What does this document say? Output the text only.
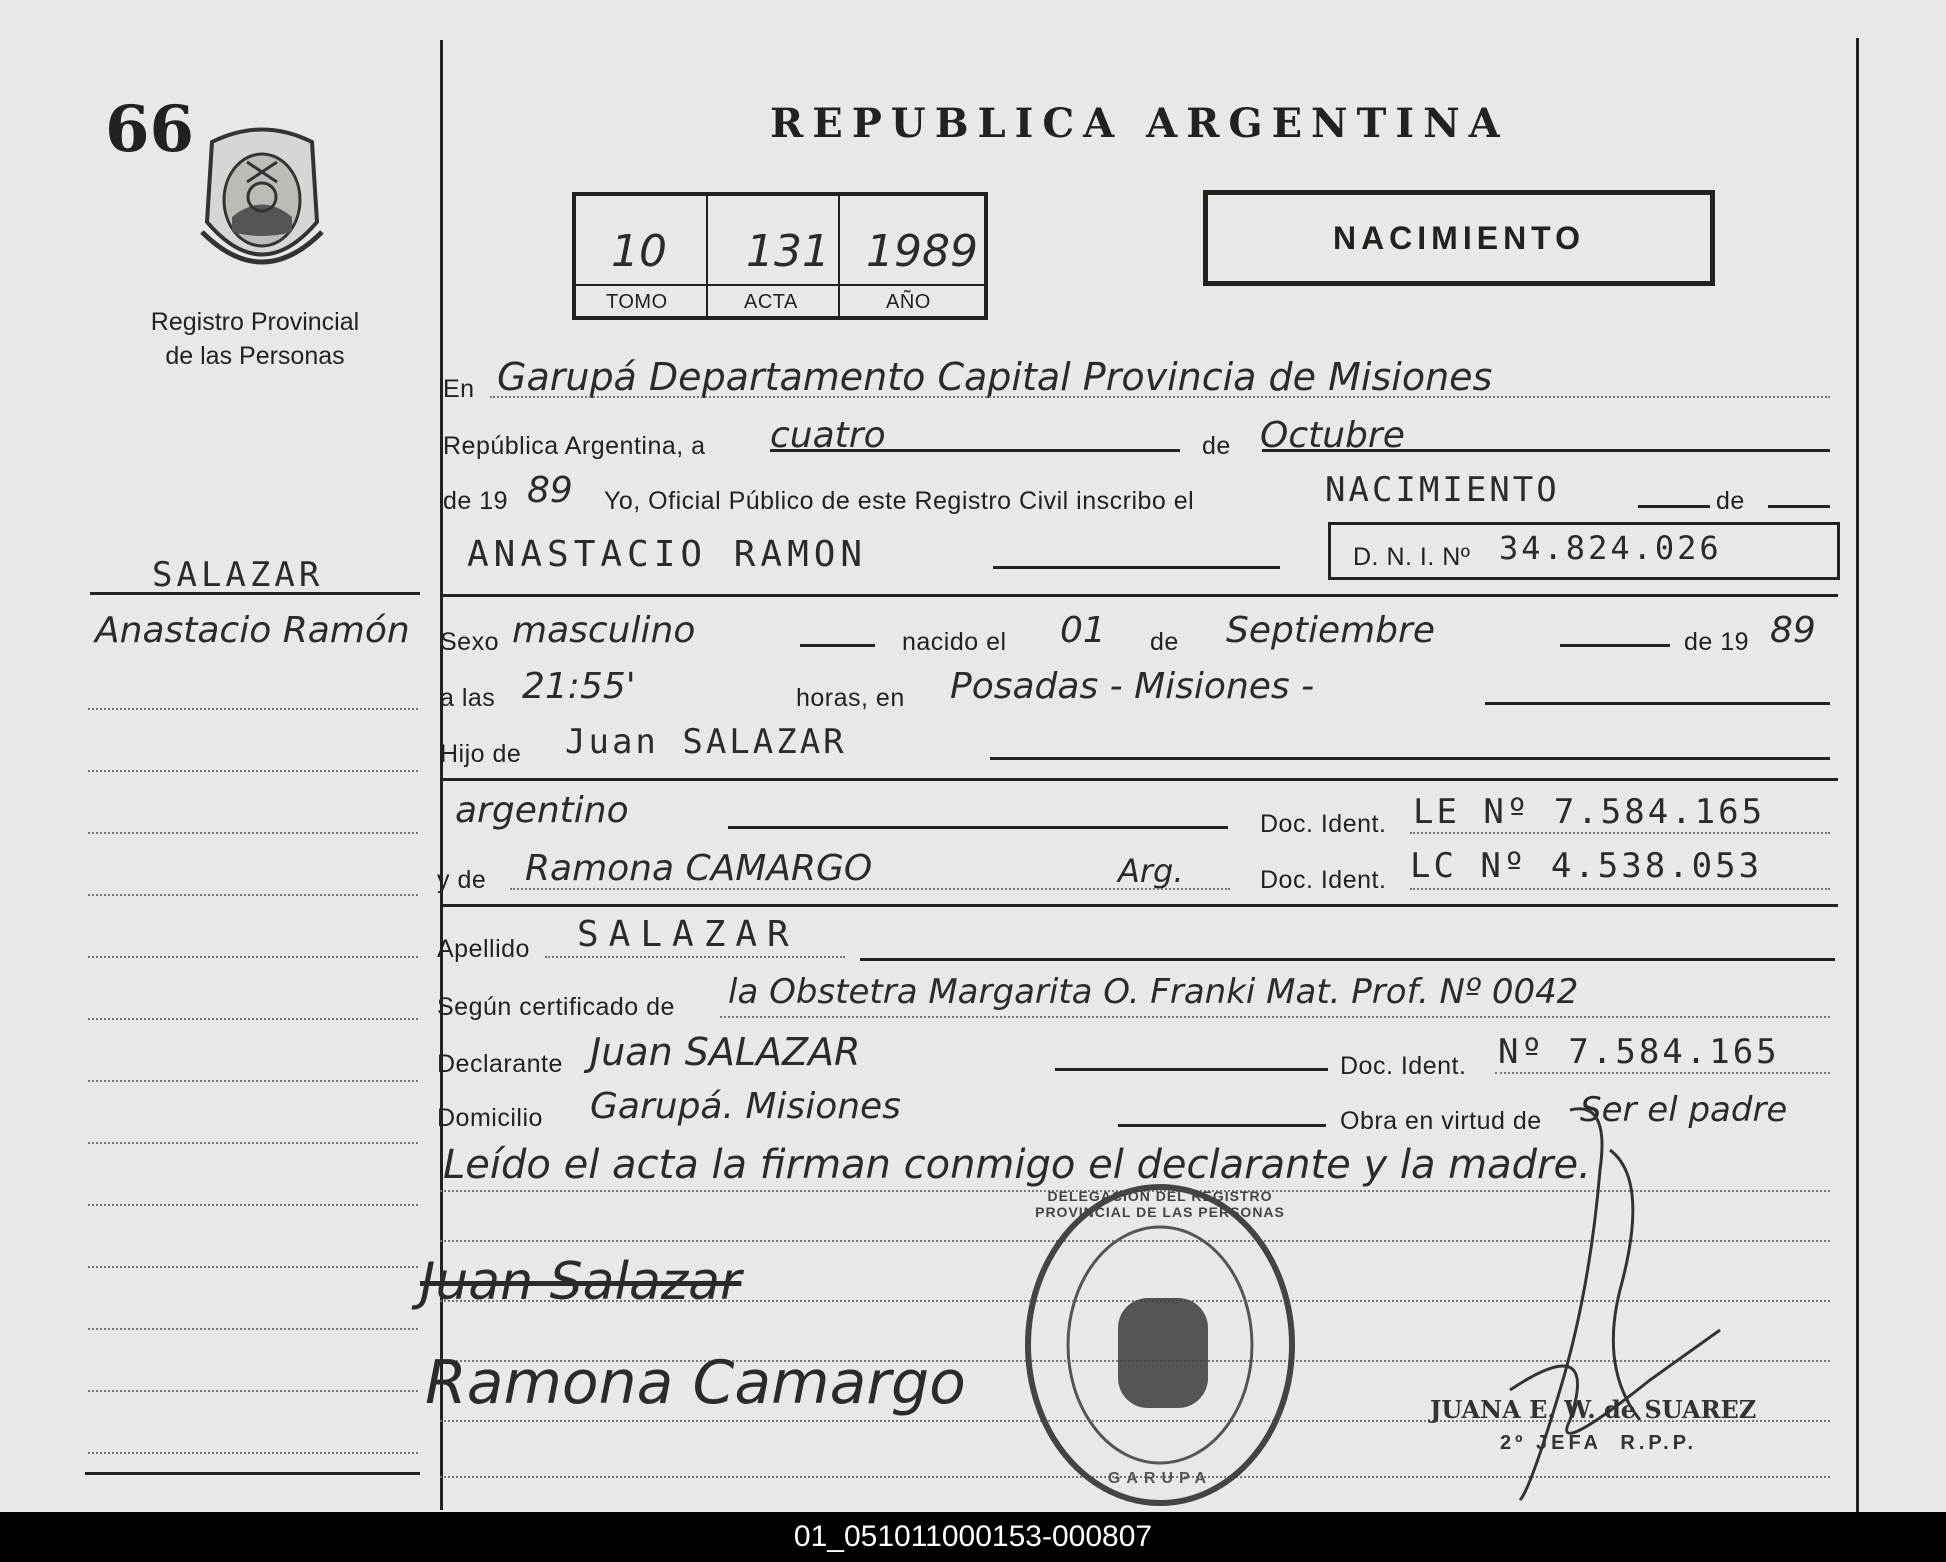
66
Registro Provincial
de las Personas
SALAZAR
Anastacio Ramón
REPUBLICA ARGENTINA
10 131 1989
TOMO	ACTA	AÑO
NACIMIENTO
En Garupá Departamento Capital Provincia de Misiones
República Argentina, a cuatro	de Octubre
de 19 89 Yo, Oficial Público de este Registro Civil inscribo el	NACIMIENTO	de
ANASTACIO RAMON	D. N. I. Nº 34.824.026
Sexo masculino	nacido el 01 de Septiembre	de 19 89
a las 21:55'	horas, en Posadas - Misiones -
Hijo de Juan SALAZAR
argentino	Doc. Ident. LE Nº 7.584.165
y de Ramona CAMARGO	Arg.	Doc. Ident. LC Nº 4.538.053
Apellido SALAZAR
Según certificado de la Obstetra Margarita O. Franki Mat. Prof. Nº 0042
Declarante Juan SALAZAR	Doc. Ident. Nº 7.584.165
Domicilio Garupá. Misiones	Obra en virtud de Ser el padre
Leído el acta la firman conmigo el declarante y la madre.
Juan Salazar
Ramona Camargo
DELEGACION DEL REGISTRO PROVINCIAL DE LAS PERSONAS
GARUPA
JUANA E. W. de SUAREZ
2º JEFA  R.P.P.
01_051011000153-000807
